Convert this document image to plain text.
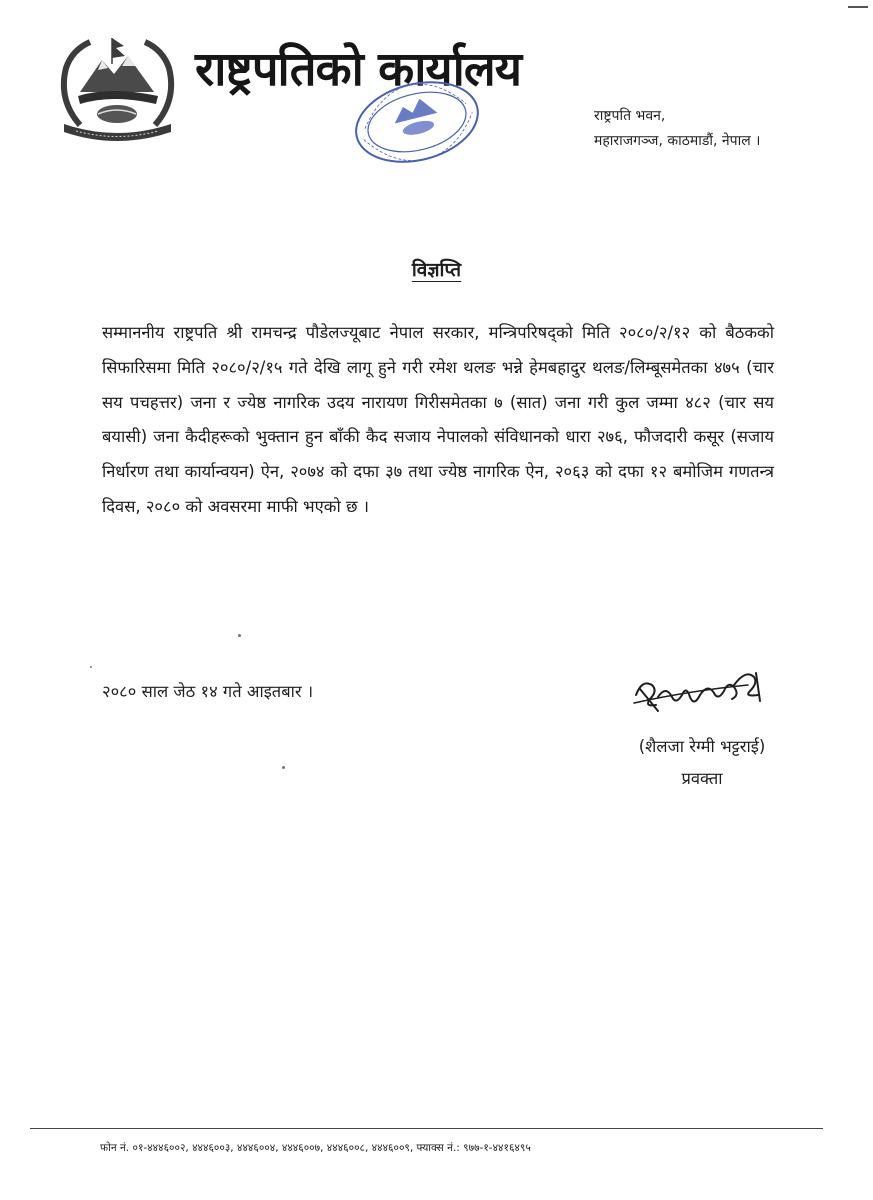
राष्ट्रपतिको कार्यालय
राष्ट्रपति भवन,
महाराजगञ्ज, काठमाडौं, नेपाल ।
विज्ञप्ति
सम्माननीय राष्ट्रपति श्री रामचन्द्र पौडेलज्यूबाट नेपाल सरकार, मन्त्रिपरिषद्को मिति २०८०/२/१२ को बैठकको सिफारिसमा मिति २०८०/२/१५ गते देखि लागू हुने गरी रमेश थलङ भन्ने हेमबहादुर थलङ/लिम्बूसमेतका ४७५ (चार सय पचहत्तर) जना र ज्येष्ठ नागरिक उदय नारायण गिरीसमेतका ७ (सात) जना गरी कुल जम्मा ४८२ (चार सय बयासी) जना कैदीहरूको भुक्तान हुन बाँकी कैद सजाय नेपालको संविधानको धारा २७६, फौजदारी कसूर (सजाय निर्धारण तथा कार्यान्वयन) ऐन, २०७४ को दफा ३७ तथा ज्येष्ठ नागरिक ऐन, २०६३ को दफा १२ बमोजिम गणतन्त्र दिवस, २०८० को अवसरमा माफी भएको छ ।
२०८० साल जेठ १४ गते आइतबार ।
(शैलजा रेग्मी भट्टराई)
प्रवक्ता
फोन नं. ०१-४४४६००२, ४४४६००३, ४४४६००४, ४४४६००७, ४४४६००८, ४४४६००९, फ्याक्स नं.: ९७७-१-४४१६४९५
